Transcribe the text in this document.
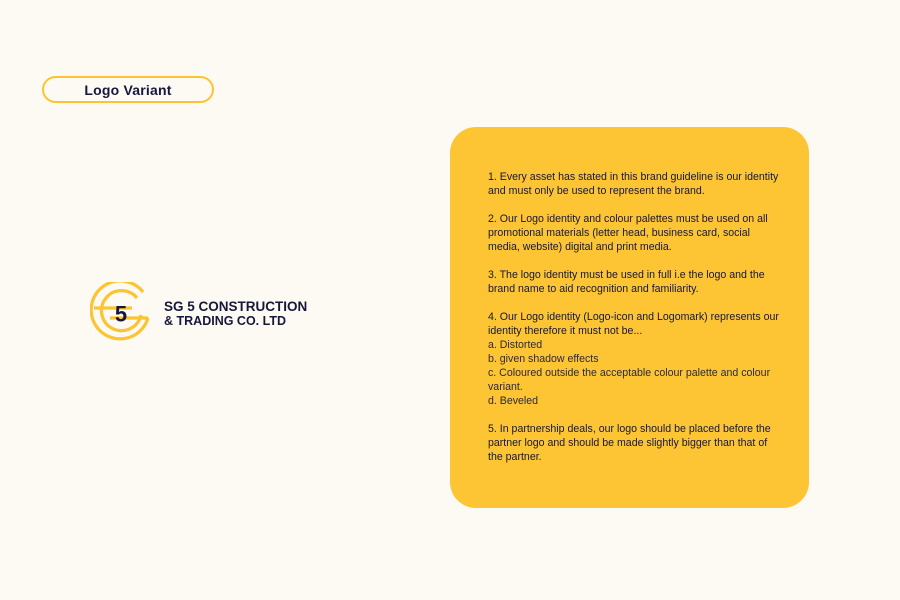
Logo Variant
5	SG 5 CONSTRUCTION
& TRADING CO. LTD

1. Every asset has stated in this brand guideline is our identity and must only be used to represent the brand.

2. Our Logo identity and colour palettes must be used on all promotional materials (letter head, business card, social media, website) digital and print media.

3. The logo identity must be used in full i.e the logo and the brand name to aid recognition and familiarity.

4. Our Logo identity (Logo-icon and Logomark) represents our identity therefore it must not be...

a. Distorted

b. given shadow effects

c. Coloured outside the acceptable colour palette and colour variant.

d. Beveled

5. In partnership deals, our logo should be placed before the partner logo and should be made slightly bigger than that of the partner.
